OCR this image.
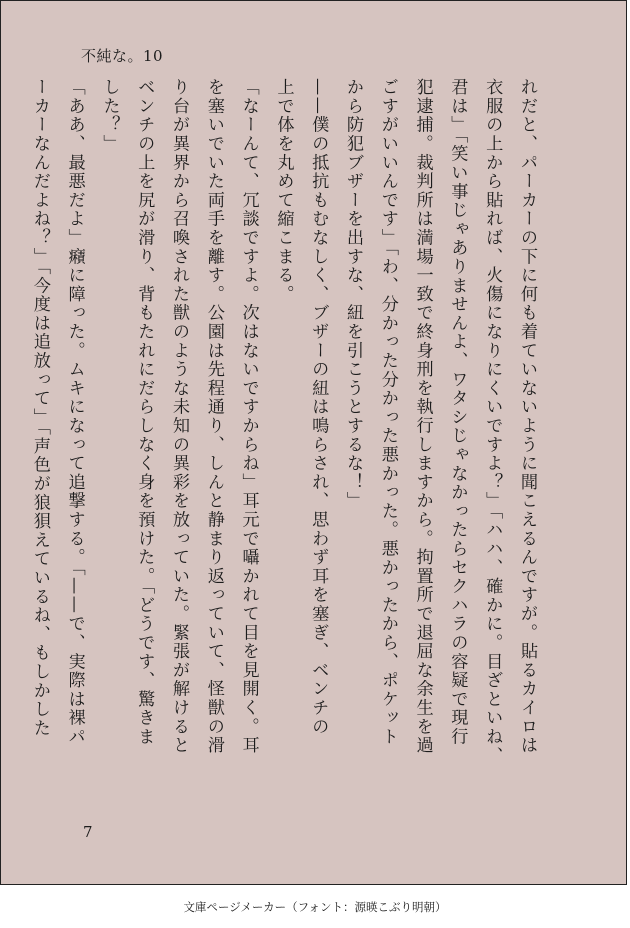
不純な。10
れだと、パーカーの下に何も着ていないように聞こえるんですが。貼るカイロは
衣服の上から貼れば、火傷になりにくいですよ？」「ハハ、確かに。目ざといね、
君は」「笑い事じゃありませんよ、ワタシじゃなかったらセクハラの容疑で現行
犯逮捕。裁判所は満場一致で終身刑を執行しますから。拘置所で退屈な余生を過
ごすがいいんです」「わ、分かった分かった悪かった。悪かったから、ポケット
から防犯ブザーを出すな、紐を引こうとするな！」
——僕の抵抗もむなしく、ブザーの紐は鳴らされ、思わず耳を塞ぎ、ベンチの
上で体を丸めて縮こまる。
「なーんて、冗談ですよ。次はないですからね」耳元で囁かれて目を見開く。耳
を塞いでいた両手を離す。公園は先程通り、しんと静まり返っていて、怪獣の滑
り台が異界から召喚された獣のような未知の異彩を放っていた。緊張が解けると
ベンチの上を尻が滑り、背もたれにだらしなく身を預けた。「どうです、驚きま
した？」
「ああ、最悪だよ」癪に障った。ムキになって追撃する。「——で、実際は裸パ
ーカーなんだよね？」「今度は追放って」「声色が狼狽えているね、もしかした
7
文庫ページメーカー（フォント：源暎こぶり明朝）
